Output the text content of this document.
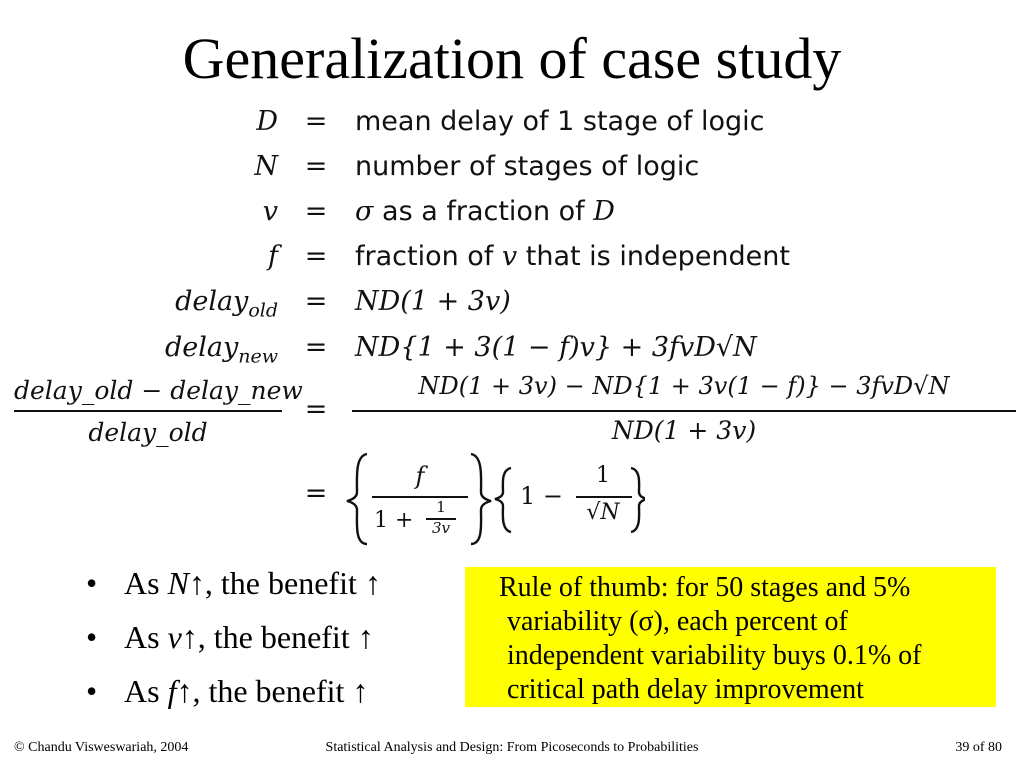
Generalization of case study
D = mean delay of 1 stage of logic
N = number of stages of logic
v = σ as a fraction of D
f = fraction of v that is independent
delay$_{old}$ = ND(1 + 3v)
delay$_{new}$ = ND{1 + 3(1 − f)v} + 3fvD√N
delay_old − delay_new
delay_old
=
ND(1 + 3v) − ND{1 + 3v(1 − f)} − 3fvD√N
ND(1 + 3v)
=
f
1 +
1
3v
1 −
1
√N
• As N↑, the benefit ↑
• As v↑, the benefit ↑
• As f↑, the benefit ↑
Rule of thumb: for 50 stages and 5% variability (σ), each percent of independent variability buys 0.1% of critical path delay improvement
© Chandu Visweswariah, 2004	Statistical Analysis and Design: From Picoseconds to Probabilities	39 of 80
